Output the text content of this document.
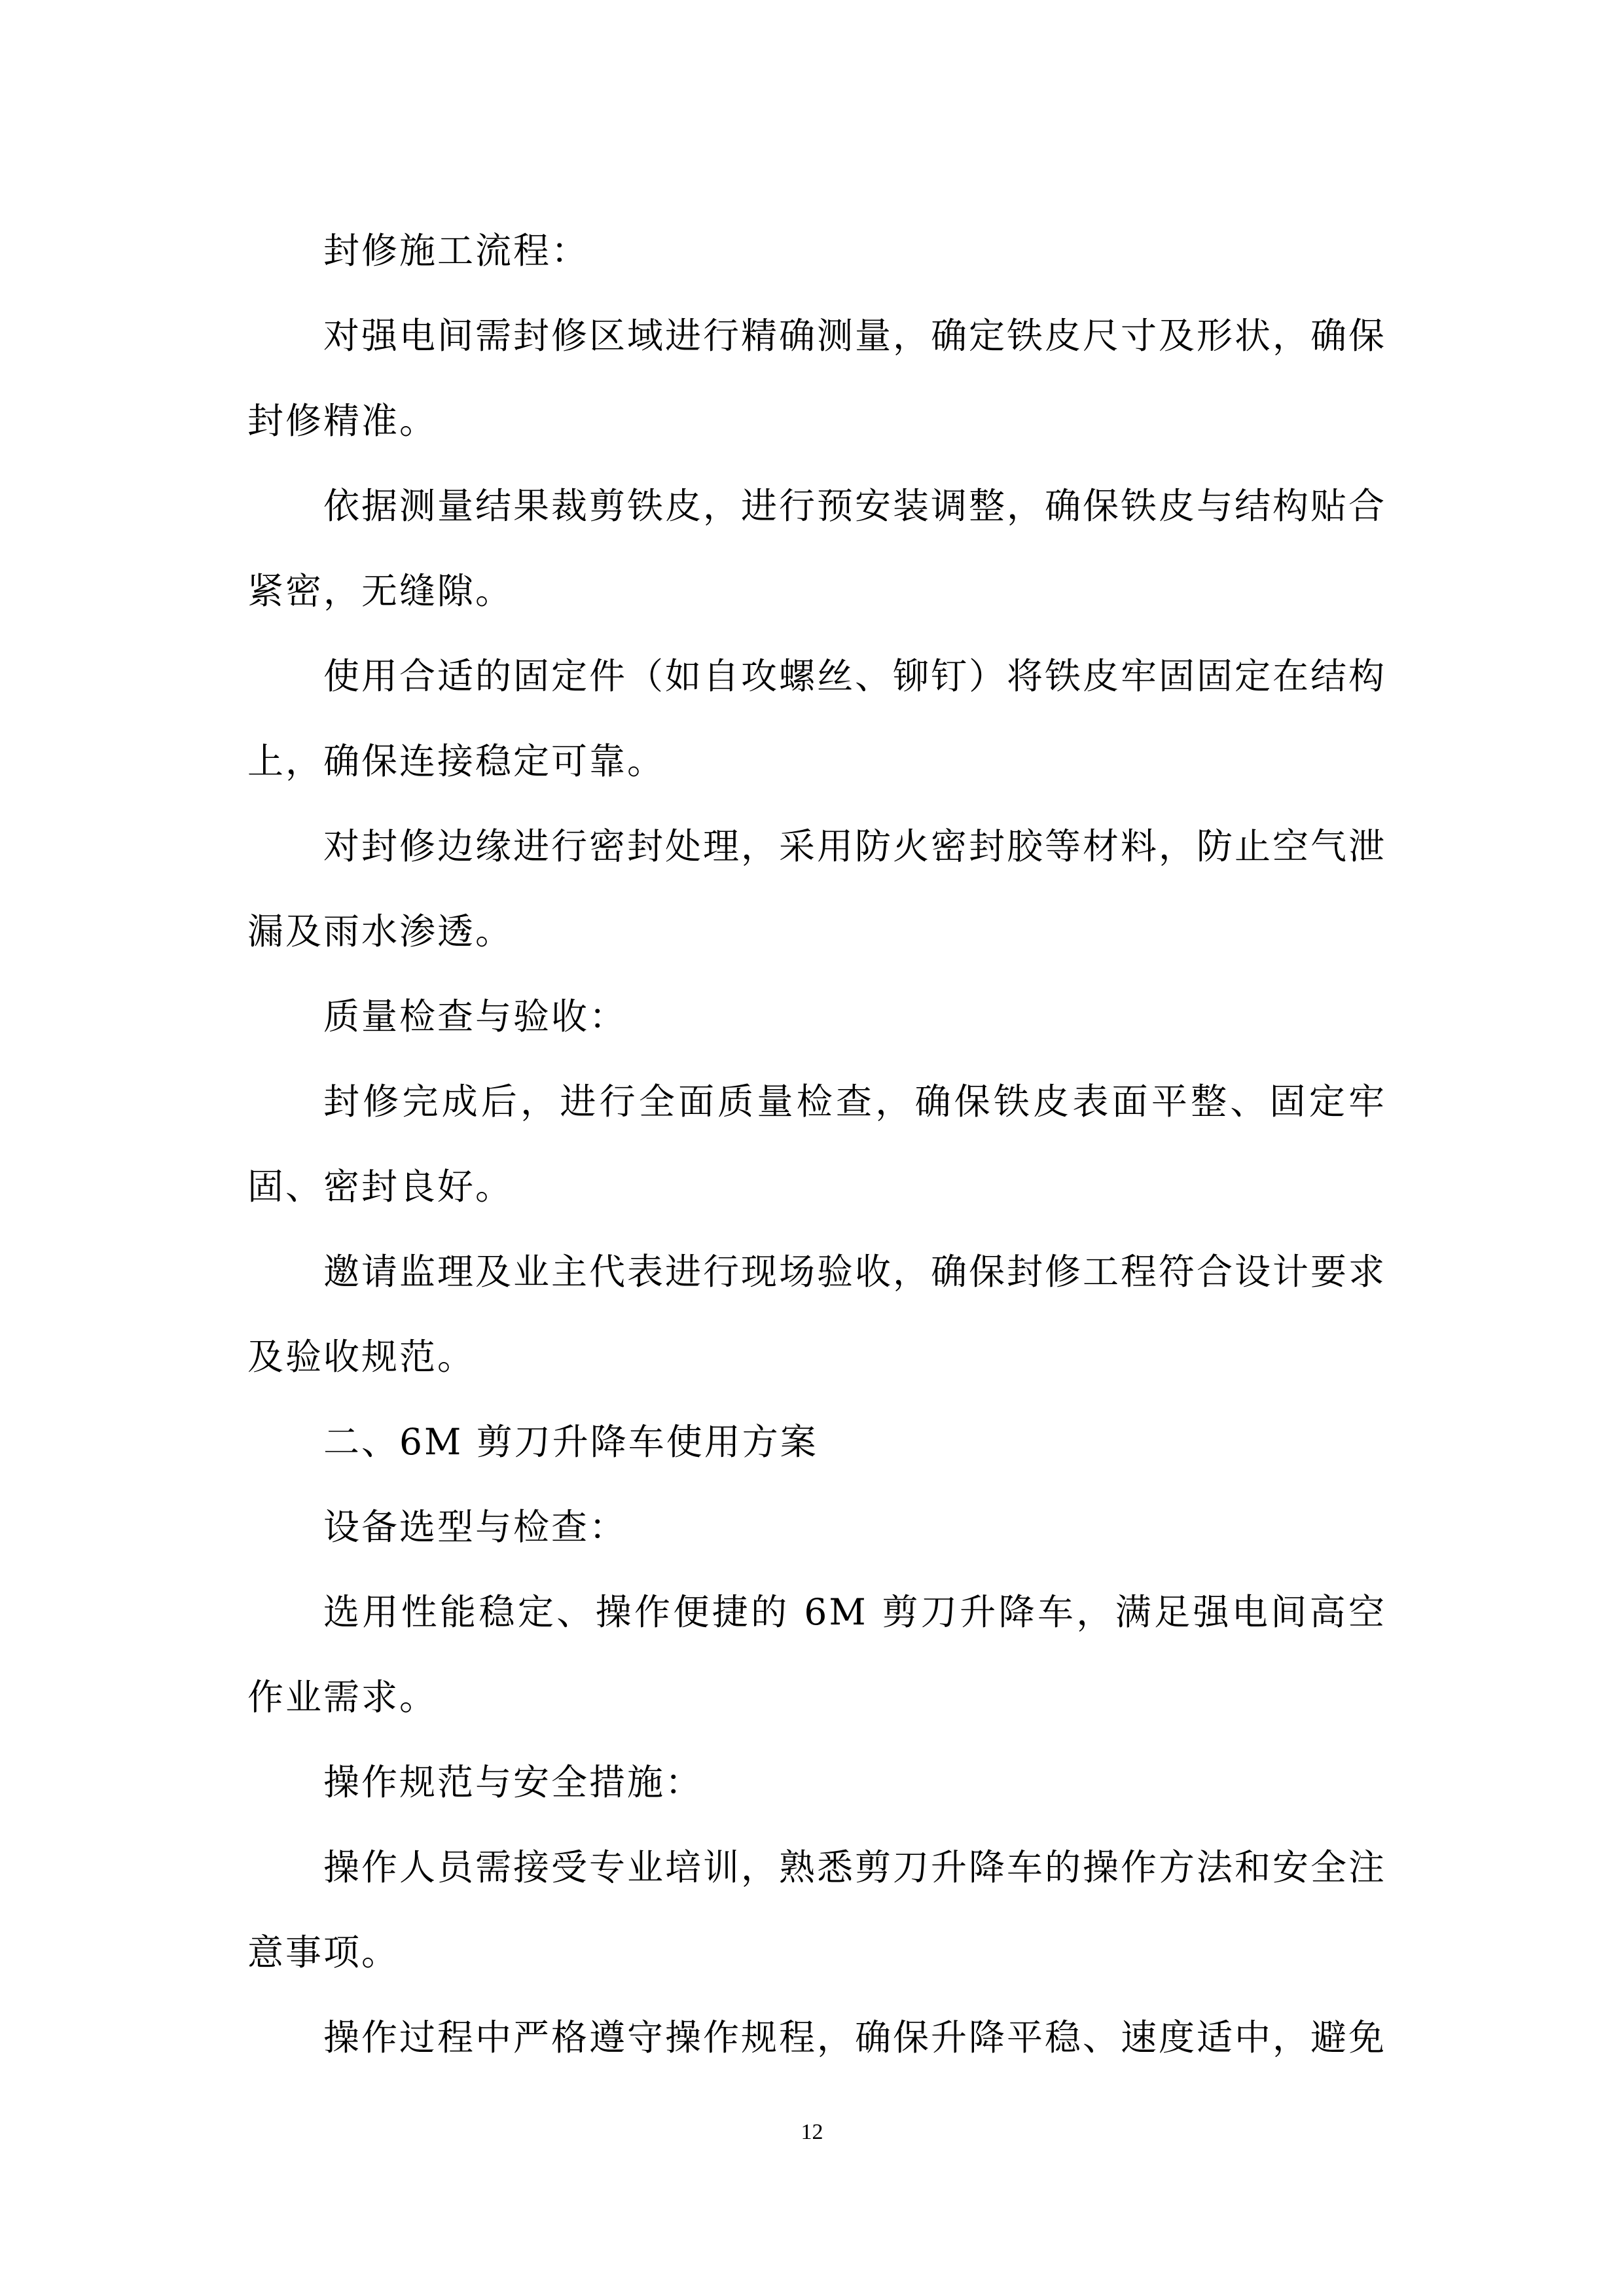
封修施工流程：

对强电间需封修区域进行精确测量，确定铁皮尺寸及形状，确保封修精准。

依据测量结果裁剪铁皮，进行预安装调整，确保铁皮与结构贴合紧密，无缝隙。

使用合适的固定件（如自攻螺丝、铆钉）将铁皮牢固固定在结构上，确保连接稳定可靠。

对封修边缘进行密封处理，采用防火密封胶等材料，防止空气泄漏及雨水渗透。

质量检查与验收：

封修完成后，进行全面质量检查，确保铁皮表面平整、固定牢固、密封良好。

邀请监理及业主代表进行现场验收，确保封修工程符合设计要求及验收规范。

二、6M 剪刀升降车使用方案

设备选型与检查：

选用性能稳定、操作便捷的 6M 剪刀升降车，满足强电间高空作业需求。

操作规范与安全措施：

操作人员需接受专业培训，熟悉剪刀升降车的操作方法和安全注意事项。

操作过程中严格遵守操作规程，确保升降平稳、速度适中，避免

12
